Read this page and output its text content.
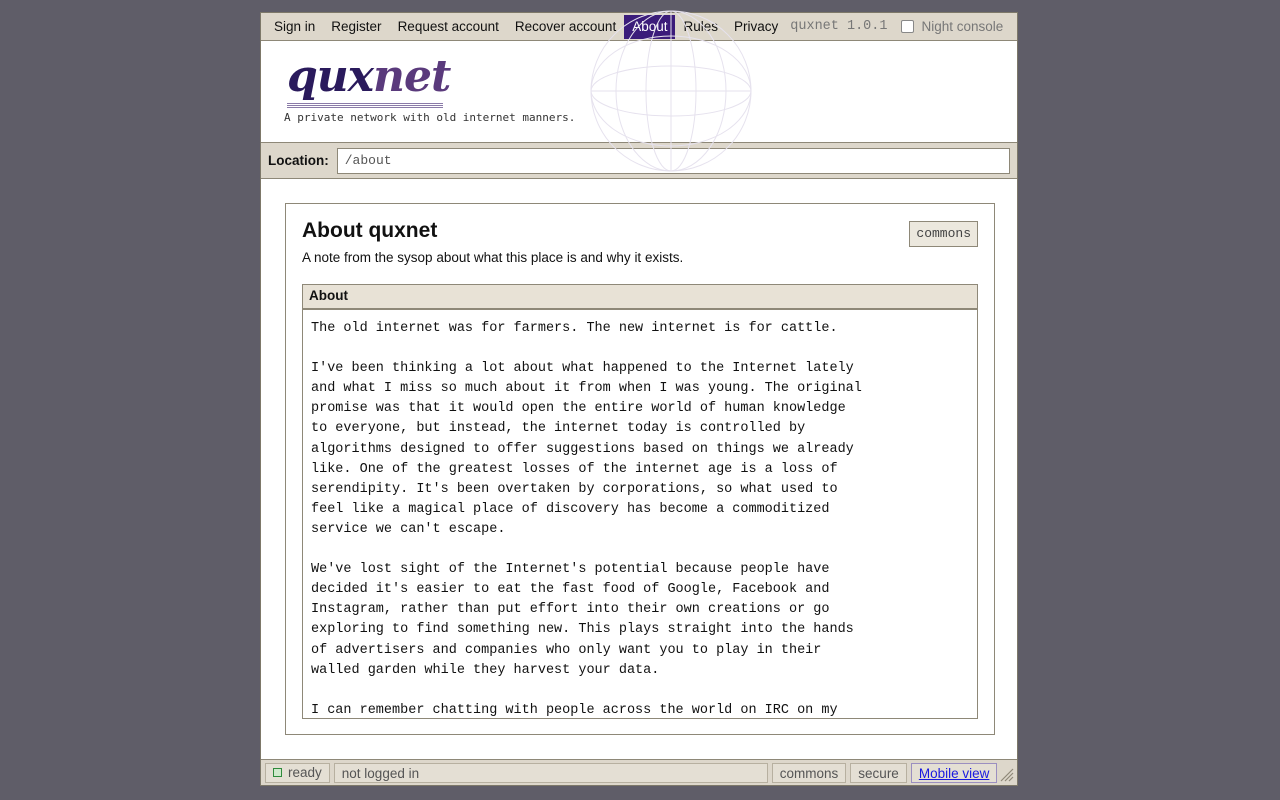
Sign in	Register	Request account	Recover account	About	Rules	Privacy quxnet 1.0.1	Night console
quxnet
A private network with old internet manners.
Location:	/about
About quxnet
A note from the sysop about what this place is and why it exists.
commons
About
The old internet was for farmers. The new internet is for cattle.

I've been thinking a lot about what happened to the Internet lately
and what I miss so much about it from when I was young. The original
promise was that it would open the entire world of human knowledge
to everyone, but instead, the internet today is controlled by
algorithms designed to offer suggestions based on things we already
like. One of the greatest losses of the internet age is a loss of
serendipity. It's been overtaken by corporations, so what used to
feel like a magical place of discovery has become a commoditized
service we can't escape.

We've lost sight of the Internet's potential because people have
decided it's easier to eat the fast food of Google, Facebook and
Instagram, rather than put effort into their own creations or go
exploring to find something new. This plays straight into the hands
of advertisers and companies who only want you to play in their
walled garden while they harvest your data.

I can remember chatting with people across the world on IRC on my
ready	not logged in	commons	secure	Mobile view
